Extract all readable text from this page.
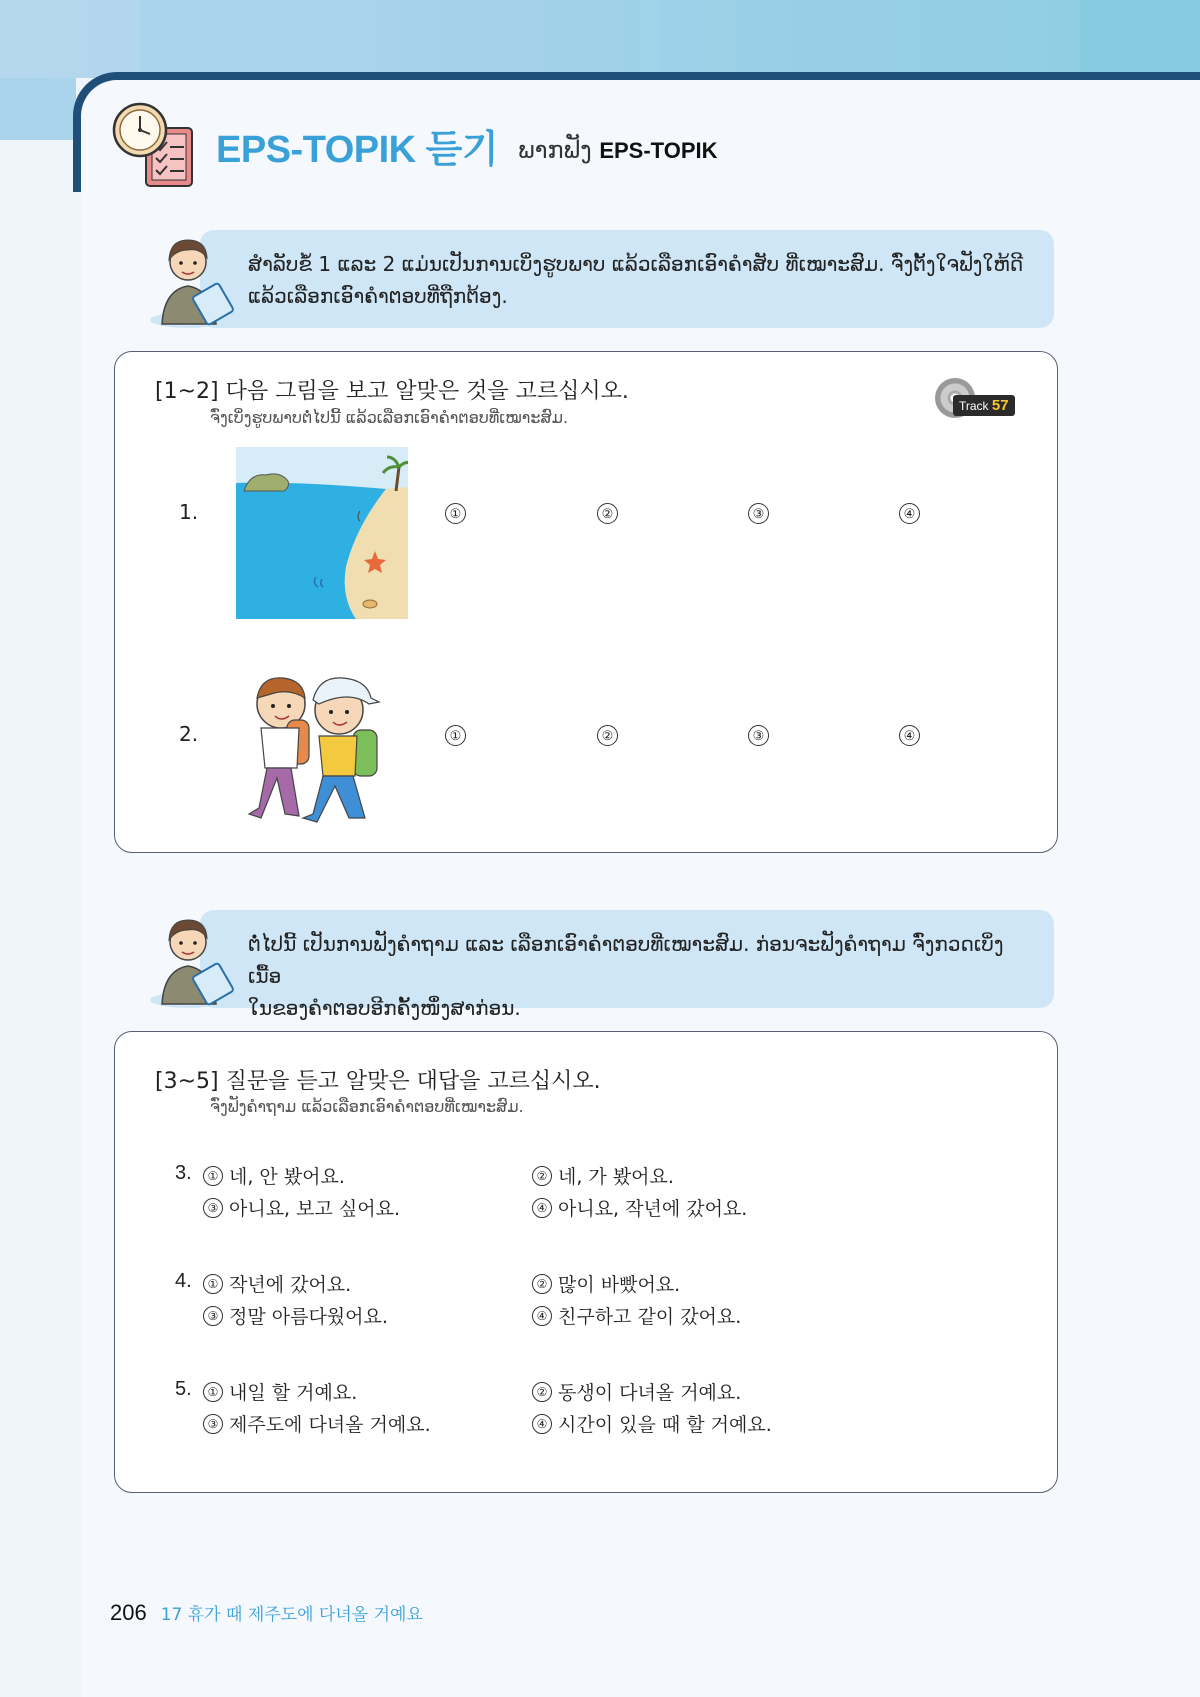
EPS-TOPIK 듣기 ພາກຟັງ EPS-TOPIK
ສຳລັບຂໍ້ 1 ແລະ 2 ແມ່ນເປັນການເບິ່ງຮູບພາບ ແລ້ວເລືອກເອົາຄຳສັບ ທີ່ເໝາະສົມ. ຈົ່ງຕັ້ງໃຈຟັງໃຫ້ດີ
ແລ້ວເລືອກເອົາຄຳຕອບທີ່ຖືກຕ້ອງ.
[1~2] 다음 그림을 보고 알맞은 것을 고르십시오.
ຈົ່ງເບິ່ງຮູບພາບຕໍ່ໄປນີ້ ແລ້ວເລືອກເອົາຄຳຕອບທີ່ເໝາະສົມ.
Track 57
1.	①	②	③	④
2.	①	②	③	④
ຕໍ່ໄປນີ້ ເປັນການຟັງຄຳຖາມ ແລະ ເລືອກເອົາຄຳຕອບທີ່ເໝາະສົມ. ກ່ອນຈະຟັງຄຳຖາມ ຈົ່ງກວດເບິ່ງເນື້ອ
ໃນຂອງຄຳຕອບອີກຄັ້ງໜຶ່ງສາກ່ອນ.
[3~5] 질문을 듣고 알맞은 대답을 고르십시오.
ຈົ່ງຟັງຄຳຖາມ ແລ້ວເລືອກເອົາຄຳຕອບທີ່ເໝາະສົມ.
3.	① 네, 안 봤어요.	② 네, 가 봤어요.
③ 아니요, 보고 싶어요.	④ 아니요, 작년에 갔어요.
4.	① 작년에 갔어요.	② 많이 바빴어요.
③ 정말 아름다웠어요.	④ 친구하고 같이 갔어요.
5.	① 내일 할 거예요.	② 동생이 다녀올 거예요.
③ 제주도에 다녀올 거예요.	④ 시간이 있을 때 할 거예요.
206 17 휴가 때 제주도에 다녀올 거예요
